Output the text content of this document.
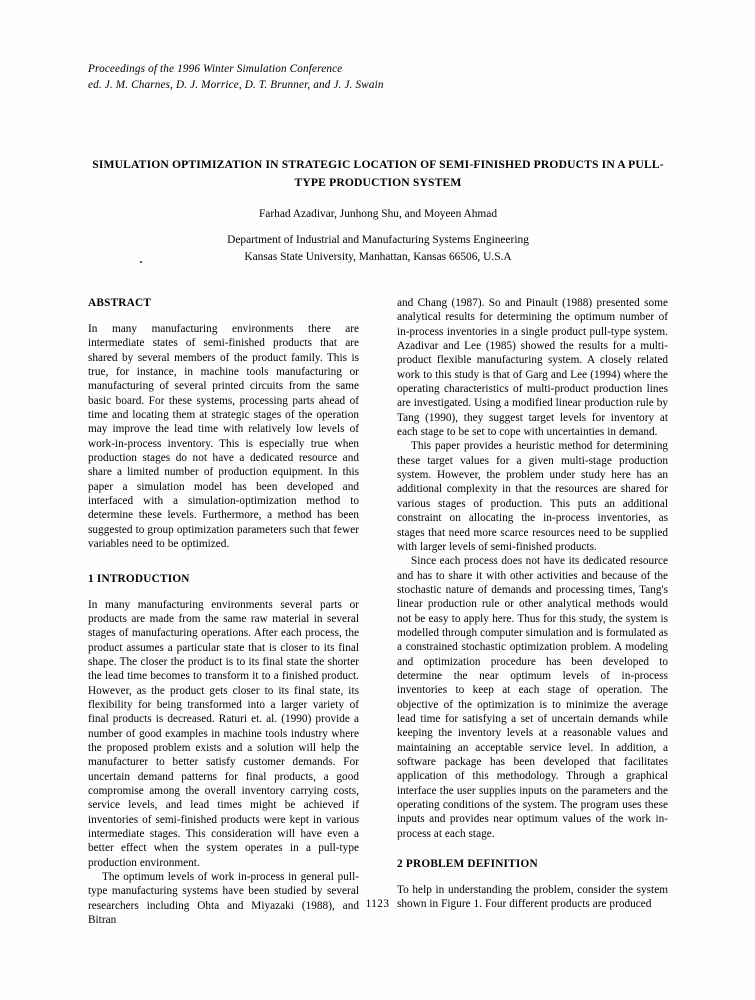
Proceedings of the 1996 Winter Simulation Conference
ed. J. M. Charnes, D. J. Morrice, D. T. Brunner, and J. J. Swain
SIMULATION OPTIMIZATION IN STRATEGIC LOCATION OF SEMI-FINISHED PRODUCTS IN A PULL-TYPE PRODUCTION SYSTEM
Farhad Azadivar, Junhong Shu, and Moyeen Ahmad
Department of Industrial and Manufacturing Systems Engineering
Kansas State University, Manhattan, Kansas 66506, U.S.A
ABSTRACT

In many manufacturing environments there are intermediate states of semi-finished products that are shared by several members of the product family. This is true, for instance, in machine tools manufacturing or manufacturing of several printed circuits from the same basic board. For these systems, processing parts ahead of time and locating them at strategic stages of the operation may improve the lead time with relatively low levels of work-in-process inventory. This is especially true when production stages do not have a dedicated resource and share a limited number of production equipment. In this paper a simulation model has been developed and interfaced with a simulation-optimization method to determine these levels. Furthermore, a method has been suggested to group optimization parameters such that fewer variables need to be optimized.

1 INTRODUCTION

In many manufacturing environments several parts or products are made from the same raw material in several stages of manufacturing operations. After each process, the product assumes a particular state that is closer to its final shape. The closer the product is to its final state the shorter the lead time becomes to transform it to a finished product. However, as the product gets closer to its final state, its flexibility for being transformed into a larger variety of final products is decreased. Raturi et. al. (1990) provide a number of good examples in machine tools industry where the proposed problem exists and a solution will help the manufacturer to better satisfy customer demands. For uncertain demand patterns for final products, a good compromise among the overall inventory carrying costs, service levels, and lead times might be achieved if inventories of semi-finished products were kept in various intermediate stages. This consideration will have even a better effect when the system operates in a pull-type production environment.

The optimum levels of work in-process in general pull-type manufacturing systems have been studied by several researchers including Ohta and Miyazaki (1988), and Bitran

and Chang (1987). So and Pinault (1988) presented some analytical results for determining the optimum number of in-process inventories in a single product pull-type system. Azadivar and Lee (1985) showed the results for a multi-product flexible manufacturing system. A closely related work to this study is that of Garg and Lee (1994) where the operating characteristics of multi-product production lines are investigated. Using a modified linear production rule by Tang (1990), they suggest target levels for inventory at each stage to be set to cope with uncertainties in demand.

This paper provides a heuristic method for determining these target values for a given multi-stage production system. However, the problem under study here has an additional complexity in that the resources are shared for various stages of production. This puts an additional constraint on allocating the in-process inventories, as stages that need more scarce resources need to be supplied with larger levels of semi-finished products.

Since each process does not have its dedicated resource and has to share it with other activities and because of the stochastic nature of demands and processing times, Tang's linear production rule or other analytical methods would not be easy to apply here. Thus for this study, the system is modelled through computer simulation and is formulated as a constrained stochastic optimization problem. A modeling and optimization procedure has been developed to determine the near optimum levels of in-process inventories to keep at each stage of operation. The objective of the optimization is to minimize the average lead time for satisfying a set of uncertain demands while keeping the inventory levels at a reasonable values and maintaining an acceptable service level. In addition, a software package has been developed that facilitates application of this methodology. Through a graphical interface the user supplies inputs on the parameters and the operating conditions of the system. The program uses these inputs and provides near optimum values of the work in-process at each stage.

2 PROBLEM DEFINITION

To help in understanding the problem, consider the system shown in Figure 1. Four different products are produced

1123
